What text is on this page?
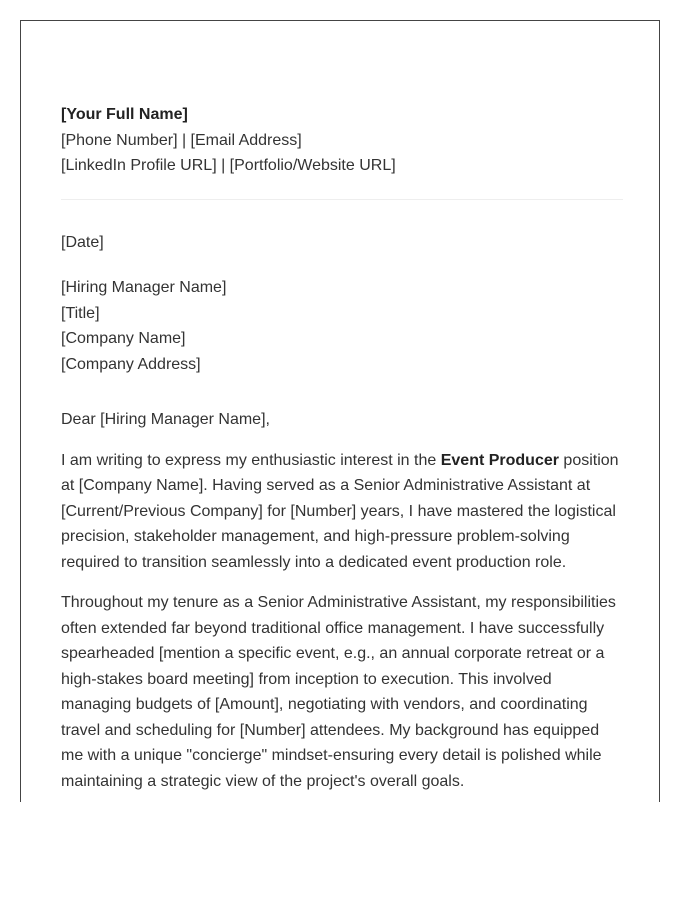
[Your Full Name]
[Phone Number] | [Email Address]
[LinkedIn Profile URL] | [Portfolio/Website URL]
[Date]
[Hiring Manager Name]
[Title]
[Company Name]
[Company Address]
Dear [Hiring Manager Name],

I am writing to express my enthusiastic interest in the Event Producer position at [Company Name]. Having served as a Senior Administrative Assistant at [Current/Previous Company] for [Number] years, I have mastered the logistical precision, stakeholder management, and high-pressure problem-solving required to transition seamlessly into a dedicated event production role.

Throughout my tenure as a Senior Administrative Assistant, my responsibilities often extended far beyond traditional office management. I have successfully spearheaded [mention a specific event, e.g., an annual corporate retreat or a high-stakes board meeting] from inception to execution. This involved managing budgets of [Amount], negotiating with vendors, and coordinating travel and scheduling for [Number] attendees. My background has equipped me with a unique "concierge" mindset-ensuring every detail is polished while maintaining a strategic view of the project's overall goals.
